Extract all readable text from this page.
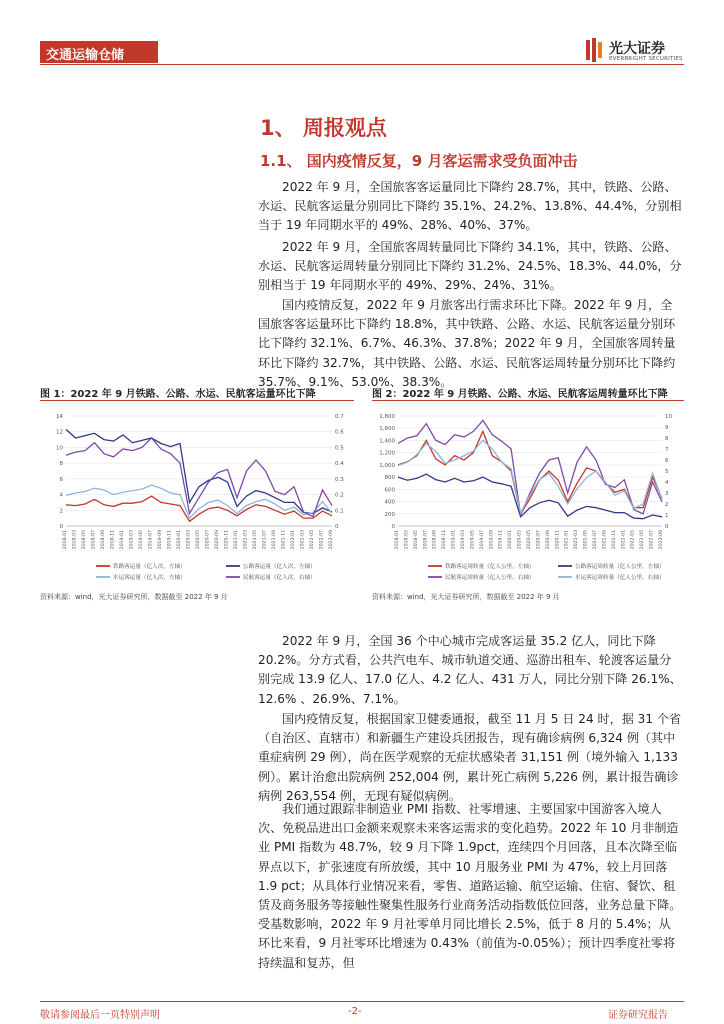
交通运输仓储	光大证券
EVERBRIGHT SECURITIES
1、 周报观点
1.1、 国内疫情反复，9 月客运需求受负面冲击

2022 年 9 月，全国旅客客运量同比下降约 28.7%，其中，铁路、公路、水运、民航客运量分别同比下降约 35.1%、24.2%、13.8%、44.4%，分别相当于 19 年同期水平的 49%、28%、40%、37%。

2022 年 9 月，全国旅客周转量同比下降约 34.1%，其中，铁路、公路、水运、民航客运周转量分别同比下降约 31.2%、24.5%、18.3%、44.0%，分别相当于 19 年同期水平的 49%、29%、24%、31%。

国内疫情反复，2022 年 9 月旅客出行需求环比下降。2022 年 9 月，全国旅客客运量环比下降约 18.8%，其中铁路、公路、水运、民航客运量分别环比下降约 32.1%、6.7%、46.3%、37.8%；2022 年 9 月，全国旅客周转量环比下降约 32.7%，其中铁路、公路、水运、民航客运周转量分别环比下降约 35.7%、9.1%、53.0%、38.3%。

图 1：2022 年 9 月铁路、公路、水运、民航客运量环比下降
0
2
4
6
8
10
12
14
0
0.1
0.2
0.3
0.4
0.5
0.6
0.7
2018-01 2018-03 2018-05 2018-07 2018-09 2018-11 2019-01 2019-03 2019-05 2019-07 2019-09 2019-11 2020-01 2020-03 2020-05 2020-07 2020-09 2020-11 2021-01 2021-03 2021-05 2021-07 2021-09 2021-11 2022-01 2022-03 2022-05 2022-07 2022-09
铁路客运量（亿人次，左轴）	公路客运量（亿人次，左轴）
水运客运量（亿人次，左轴）	民航客运量（亿人次，右轴）
资料来源：wind，光大证券研究所，数据截至 2022 年 9 月
图 2：2022 年 9 月铁路、公路、水运、民航客运周转量环比下降
0
200
400
600
800
1,000
1,200
1,400
1,600
1,800
0
1
2
3
4
5
6
7
8
9
10
2018-01 2018-03 2018-05 2018-07 2018-09 2018-11 2019-01 2019-03 2019-05 2019-07 2019-09 2019-11 2020-01 2020-03 2020-05 2020-07 2020-09 2020-11 2021-01 2021-03 2021-05 2021-07 2021-09 2021-11 2022-01 2022-03 2022-05 2022-07 2022-09
铁路客运周转量（亿人公里，左轴）	公路客运周转量（亿人公里，左轴）
民航客运周转量（亿人公里，右轴）	水运客运周转量（亿人公里，右轴）
资料来源：wind，光大证券研究所，数据截至 2022 年 9 月

2022 年 9 月，全国 36 个中心城市完成客运量 35.2 亿人，同比下降 20.2%。分方式看，公共汽电车、城市轨道交通、巡游出租车、轮渡客运量分别完成 13.9 亿人、17.0 亿人、4.2 亿人、431 万人，同比分别下降 26.1%、12.6% 、26.9%、7.1%。

国内疫情反复，根据国家卫健委通报，截至 11 月 5 日 24 时，据 31 个省（自治区、直辖市）和新疆生产建设兵团报告，现有确诊病例 6,324 例（其中重症病例 29 例），尚在医学观察的无症状感染者 31,151 例（境外输入 1,133 例）。累计治愈出院病例 252,004 例，累计死亡病例 5,226 例，累计报告确诊病例 263,554 例，无现有疑似病例。

我们通过跟踪非制造业 PMI 指数、社零增速、主要国家中国游客入境人次、免税品进出口金额来观察未来客运需求的变化趋势。2022 年 10 月非制造业 PMI 指数为 48.7%，较 9 月下降 1.9pct，连续四个月回落，且本次降至临界点以下，扩张速度有所放缓，其中 10 月服务业 PMI 为 47%，较上月回落 1.9 pct；从具体行业情况来看，零售、道路运输、航空运输、住宿、餐饮、租赁及商务服务等接触性聚集性服务行业商务活动指数低位回落，业务总量下降。受基数影响，2022 年 9 月社零单月同比增长 2.5%，低于 8 月的 5.4%；从环比来看，9 月社零环比增速为 0.43%（前值为-0.05%）；预计四季度社零将持续温和复苏，但

敬请参阅最后一页特别声明	-2-	证券研究报告
